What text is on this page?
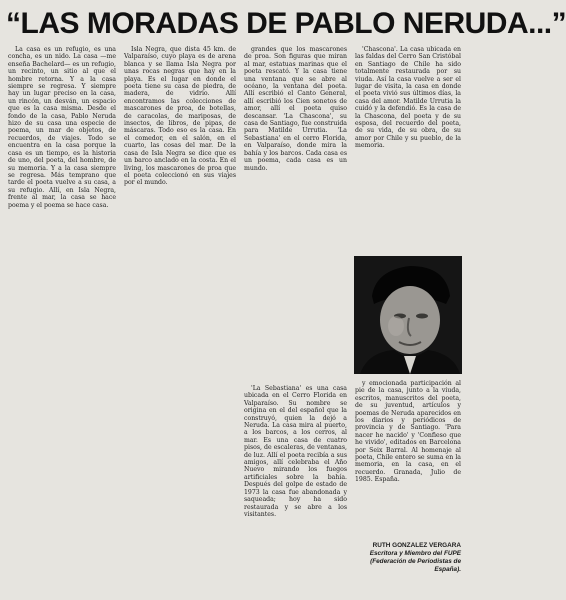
“LAS MORADAS DE PABLO NERUDA...”

La casa es un refugio, es una concha, es un nido. La casa —me enseña Bachelard— es un refugio, un recinto, un sitio al que el hombre retorna. Y a la casa siempre se regresa. Y siempre hay un lugar preciso en la casa, un rincón, un desván, un espacio que es la casa misma. Desde el fondo de la casa, Pablo Neruda hizo de su casa una especie de poema, un mar de objetos, de recuerdos, de viajes. Todo se encuentra en la casa porque la casa es un tiempo, es la historia de uno, del poeta, del hombre, de su memoria. Y a la casa siempre se regresa. Más temprano que tarde el poeta vuelve a su casa, a su refugio. Allí, en Isla Negra, frente al mar, la casa se hace poema y el poema se hace casa.

Isla Negra, que dista 45 km. de Valparaíso, cuyo playa es de arena blanca y se llama Isla Negra por unas rocas negras que hay en la playa. Es el lugar en donde el poeta tiene su casa de piedra, de madera, de vidrio. Allí encontramos las colecciones de mascarones de proa, de botellas, de caracolas, de mariposas, de insectos, de libros, de pipas, de máscaras. Todo eso es la casa. En el comedor, en el salón, en el cuarto, las cosas del mar. De la casa de Isla Negra se dice que es un barco anclado en la costa. En el living, los mascarones de proa que el poeta coleccionó en sus viajes por el mundo.

grandes que los mascarones de proa. Son figuras que miran al mar, estatuas marinas que el poeta rescató. Y la casa tiene una ventana que se abre al océano, la ventana del poeta. Allí escribió el Canto General, allí escribió los Cien sonetos de amor, allí el poeta quiso descansar. 'La Chascona', su casa de Santiago, fue construida para Matilde Urrutia. 'La Sebastiana' en el cerro Florida, en Valparaíso, donde mira la bahía y los barcos. Cada casa es un poema, cada casa es un mundo.

'Chascona'. La casa ubicada en las faldas del Cerro San Cristóbal en Santiago de Chile ha sido totalmente restaurada por su viuda. Así la casa vuelve a ser el lugar de visita, la casa en donde el poeta vivió sus últimos días, la casa del amor. Matilde Urrutia la cuidó y la defendió. Es la casa de la Chascona, del poeta y de su esposa, del recuerdo del poeta, de su vida, de su obra, de su amor por Chile y su pueblo, de la memoria.

'La Sebastiana' es una casa ubicada en el Cerro Florida en Valparaíso. Su nombre se origina en el del español que la construyó, quien la dejó a Neruda. La casa mira al puerto, a los barcos, a los cerros, al mar. Es una casa de cuatro pisos, de escaleras, de ventanas, de luz. Allí el poeta recibía a sus amigos, allí celebraba el Año Nuevo mirando los fuegos artificiales sobre la bahía. Después del golpe de estado de 1973 la casa fue abandonada y saqueada; hoy ha sido restaurada y se abre a los visitantes.

y emocionada participación al pie de la casa, junto a la viuda, escritos, manuscritos del poeta, de su juventud, artículos y poemas de Neruda aparecidos en los diarios y periódicos de provincia y de Santiago. 'Para nacer he nacido' y 'Confieso que he vivido', editados en Barcelona por Seix Barral. Al homenaje al poeta, Chile entero se suma en la memoria, en la casa, en el recuerdo. Granada, Julio de 1985. España.

RUTH GONZALEZ VERGARA
Escritora y Miembro del FUPE (Federación de Periodistas de España).
